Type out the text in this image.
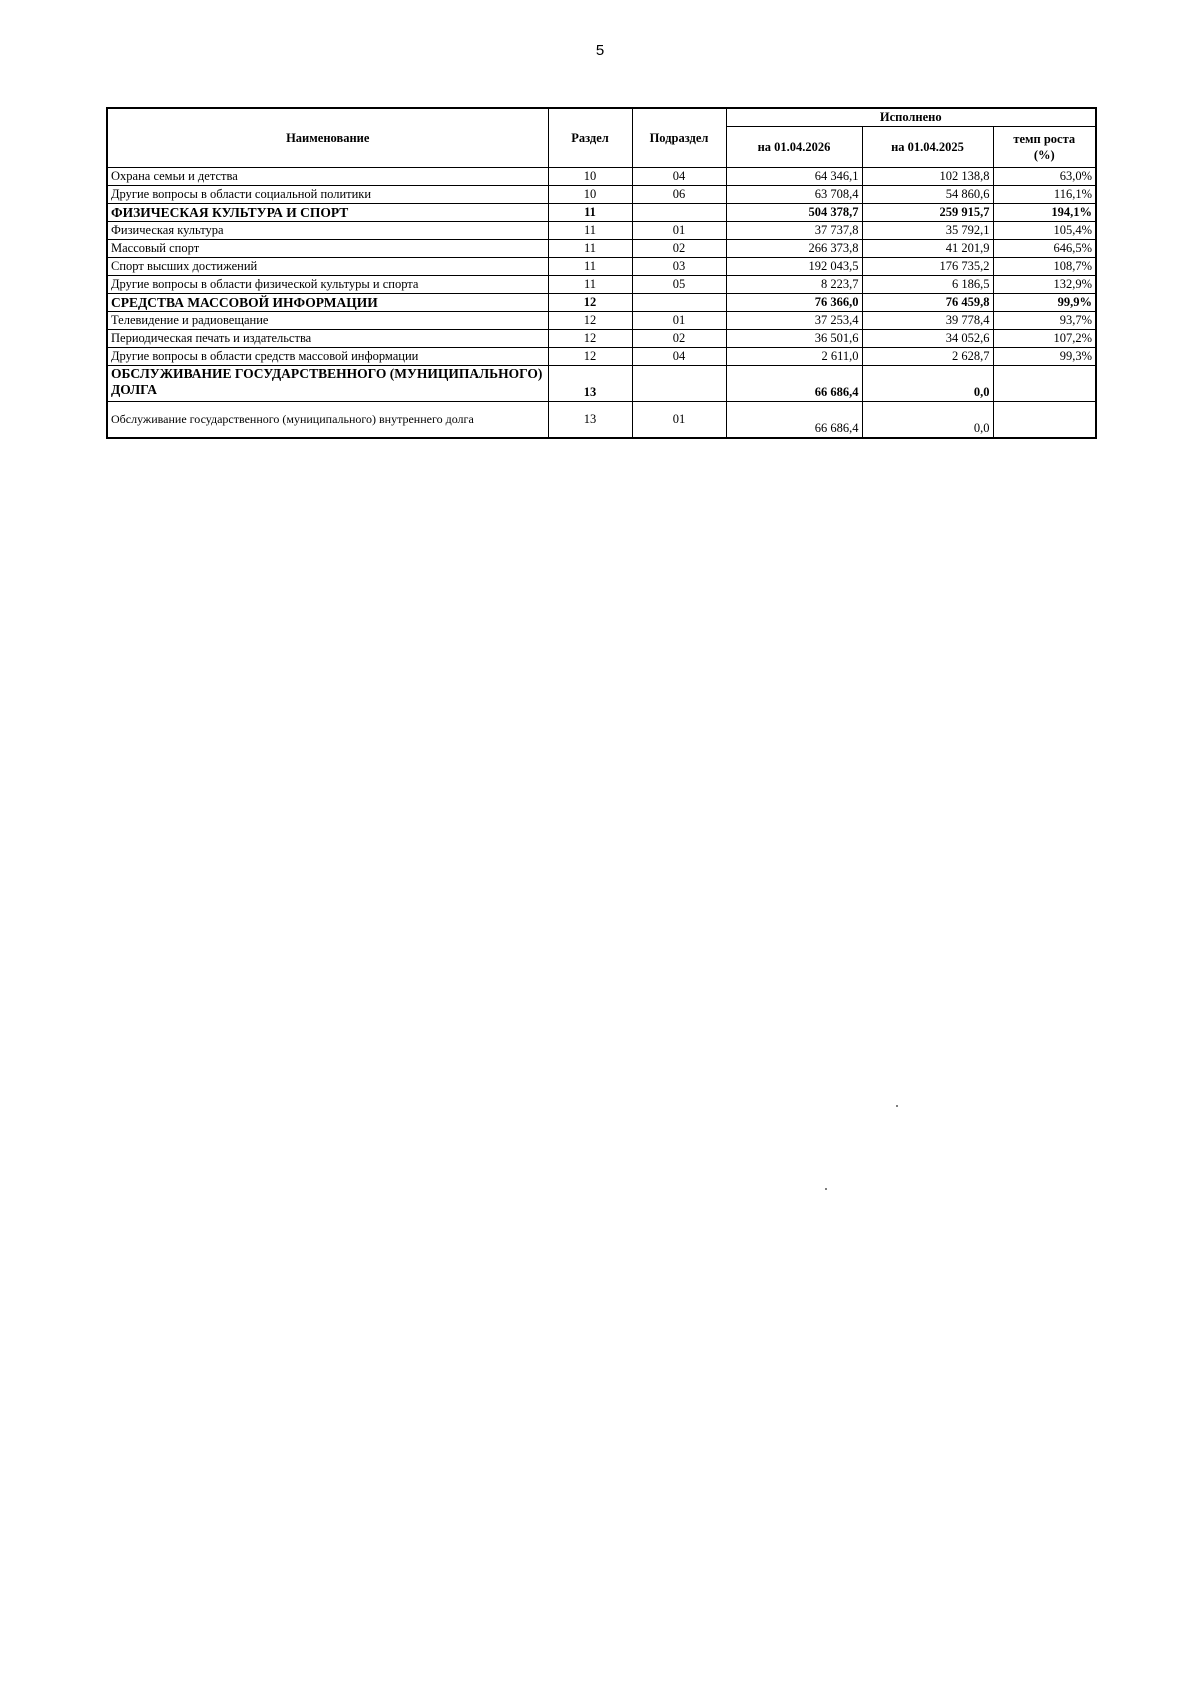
5
Наименование	Раздел	Подраздел	Исполнено		
			на 01.04.2026	на 01.04.2025	темп роста
(%)
Охрана семьи и детства	10	04	64 346,1	102 138,8	63,0%
Другие вопросы в области социальной политики	10	06	63 708,4	54 860,6	116,1%
ФИЗИЧЕСКАЯ КУЛЬТУРА И СПОРТ	11		504 378,7	259 915,7	194,1%
Физическая культура	11	01	37 737,8	35 792,1	105,4%
Массовый спорт	11	02	266 373,8	41 201,9	646,5%
Спорт высших достижений	11	03	192 043,5	176 735,2	108,7%
Другие вопросы в области физической культуры и спорта	11	05	8 223,7	6 186,5	132,9%
СРЕДСТВА МАССОВОЙ ИНФОРМАЦИИ	12		76 366,0	76 459,8	99,9%
Телевидение и радиовещание	12	01	37 253,4	39 778,4	93,7%
Периодическая печать и издательства	12	02	36 501,6	34 052,6	107,2%
Другие вопросы в области средств массовой информации	12	04	2 611,0	2 628,7	99,3%
ОБСЛУЖИВАНИЕ ГОСУДАРСТВЕННОГО (МУНИЦИПАЛЬНОГО) ДОЛГА	13		66 686,4	0,0	
Обслуживание государственного (муниципального) внутреннего долга	13	01	66 686,4	0,0	
